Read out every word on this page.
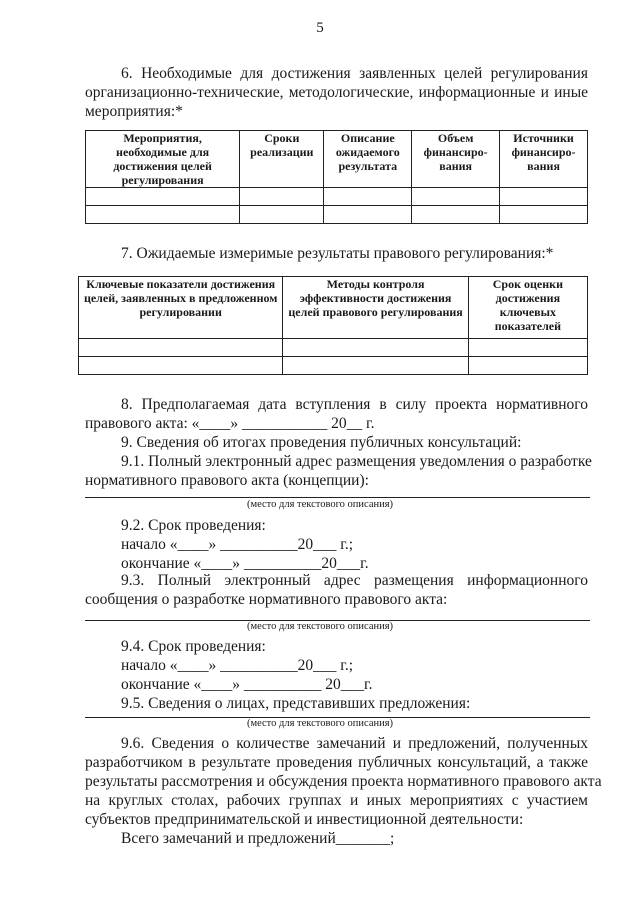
5
6. Необходимые для достижения заявленных целей регулирования
организационно-технические, методологические, информационные и иные
мероприятия:*
Мероприятия, необходимые для достижения целей регулирования	Сроки реализации	Описание ожидаемого результата	Объем финансиро-вания	Источники финансиро-вания

7. Ожидаемые измеримые результаты правового регулирования:*
Ключевые показатели достижения целей, заявленных в предложенном регулировании	Методы контроля эффективности достижения целей правового регулирования	Срок оценки достижения ключевых показателей

8. Предполагаемая дата вступления в силу проекта нормативного
правового акта: «____» ___________ 20__ г.
9. Сведения об итогах проведения публичных консультаций:
9.1. Полный электронный адрес размещения уведомления о разработке
нормативного правового акта (концепции):
(место для текстового описания)
9.2. Срок проведения:
начало «____» __________20___ г.;
окончание «____» __________20___г.
9.3. Полный электронный адрес размещения информационного
сообщения о разработке нормативного правового акта:
(место для текстового описания)
9.4. Срок проведения:
начало «____» __________20___ г.;
окончание «____» __________ 20___г.
9.5. Сведения о лицах, представивших предложения:
(место для текстового описания)
9.6. Сведения о количестве замечаний и предложений, полученных
разработчиком в результате проведения публичных консультаций, а также
результаты рассмотрения и обсуждения проекта нормативного правового акта
на круглых столах, рабочих группах и иных мероприятиях с участием
субъектов предпринимательской и инвестиционной деятельности:
Всего замечаний и предложений_______;
